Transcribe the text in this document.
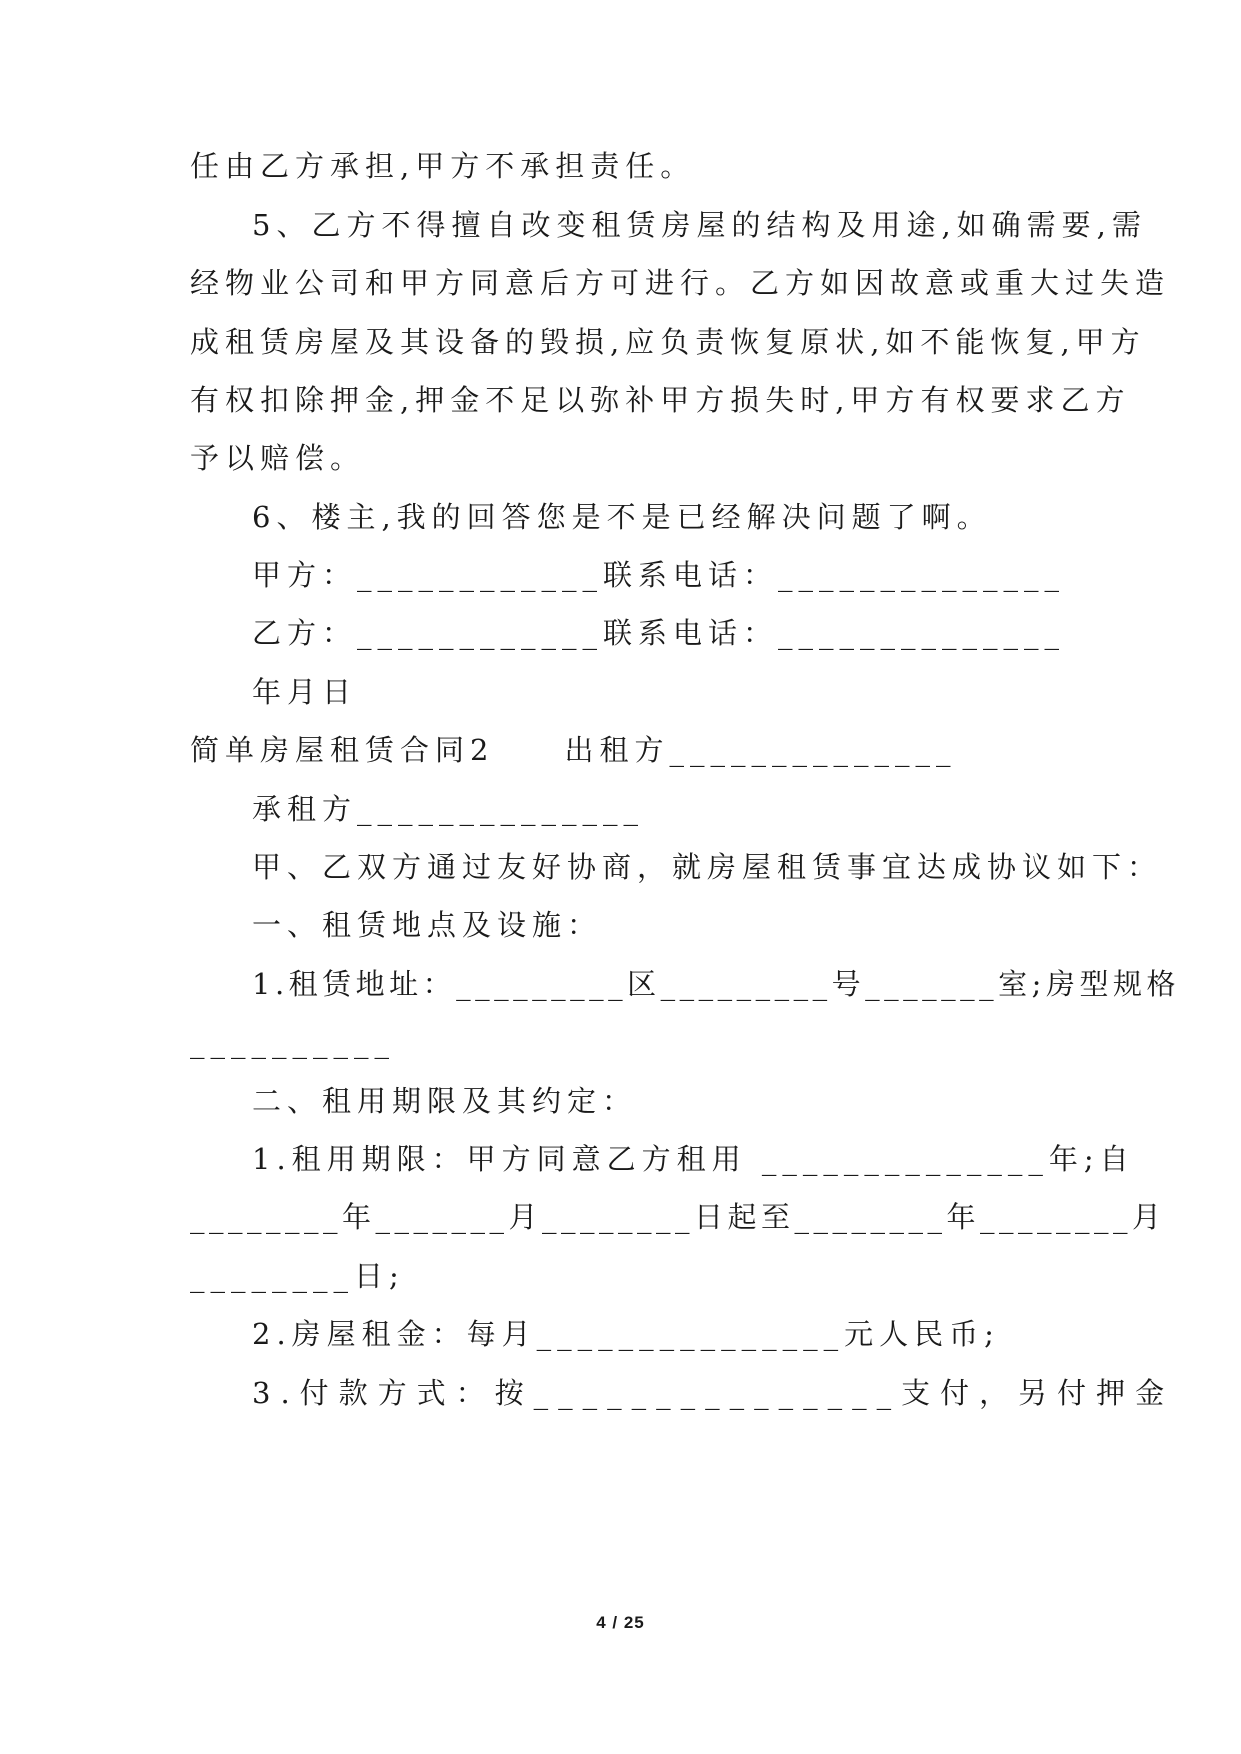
任由乙方承担,甲方不承担责任。
5、乙方不得擅自改变租赁房屋的结构及用途,如确需要,需
经物业公司和甲方同意后方可进行。乙方如因故意或重大过失造
成租赁房屋及其设备的毁损,应负责恢复原状,如不能恢复,甲方
有权扣除押金,押金不足以弥补甲方损失时,甲方有权要求乙方
予以赔偿。
6、楼主,我的回答您是不是已经解决问题了啊。
甲方：____________联系电话：______________
乙方：____________联系电话：______________
年月日
简单房屋租赁合同2　　出租方______________
承租方______________
甲、乙双方通过友好协商，就房屋租赁事宜达成协议如下：
一、租赁地点及设施：
1.租赁地址：_________区_________号_______室;房型规格
__________
二、租用期限及其约定：
1.租用期限：甲方同意乙方租用 ______________年;自
________年_______月________日起至________年________月
________日;
2.房屋租金：每月_______________元人民币;
3.付款方式：按_______________支付，另付押金
4 / 25
